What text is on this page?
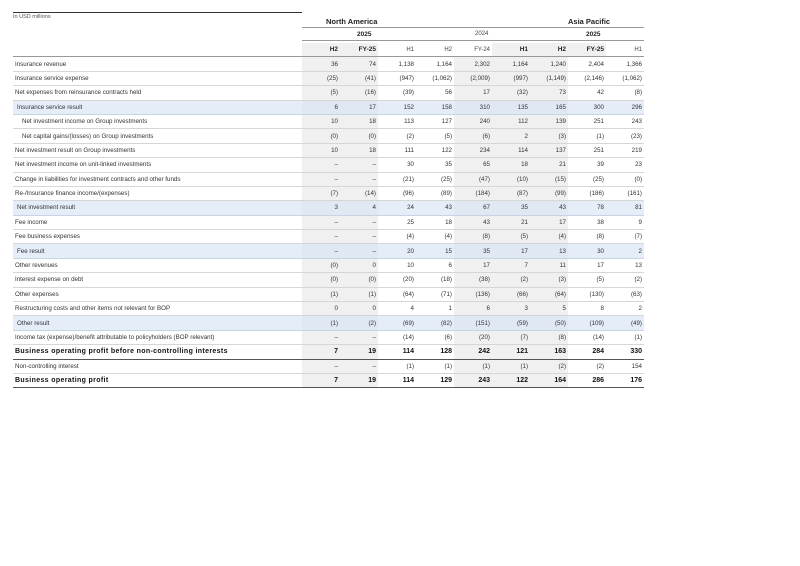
In USD millions	North America	Asia Pacific
2025	2025
	H2	FY-25	H1	H2	FY-24	H1	H2	FY-25	H1
Insurance revenue	36	74	1,138	1,164	2,302	1,164	1,240	2,404	1,366
Insurance service expense	(25)	(41)	(947)	(1,062)	(2,009)	(997)	(1,149)	(2,146)	(1,062)
Net expenses from reinsurance contracts held	(5)	(16)	(39)	56	17	(32)	73	42	(8)
Insurance service result	6	17	152	158	310	135	165	300	296
Net investment income on Group investments	10	18	113	127	240	112	139	251	243
Net capital gains/(losses) on Group investments	(0)	(0)	(2)	(5)	(6)	2	(3)	(1)	(23)
Net investment result on Group investments	10	18	111	122	234	114	137	251	219
Net investment income on unit-linked investments	–	–	30	35	65	18	21	39	23
Change in liabilities for investment contracts and other funds	–	–	(21)	(25)	(47)	(10)	(15)	(25)	(0)
Re-/Insurance finance income/(expenses)	(7)	(14)	(96)	(89)	(184)	(87)	(99)	(186)	(161)
Net investment result	3	4	24	43	67	35	43	78	81
Fee income	–	–	25	18	43	21	17	38	9
Fee business expenses	–	–	(4)	(4)	(8)	(5)	(4)	(8)	(7)
Fee result	–	–	20	15	35	17	13	30	2
Other revenues	(0)	0	10	6	17	7	11	17	13
Interest expense on debt	(0)	(0)	(20)	(18)	(38)	(2)	(3)	(5)	(2)
Other expenses	(1)	(1)	(64)	(71)	(136)	(66)	(64)	(130)	(63)
Restructuring costs and other items not relevant for BOP	0	0	4	1	6	3	5	8	2
Other result	(1)	(2)	(69)	(82)	(151)	(59)	(50)	(109)	(49)
Income tax (expense)/benefit attributable to policyholders (BOP relevant)	–	–	(14)	(6)	(20)	(7)	(8)	(14)	(1)
Business operating profit before non-controlling interests	7	19	114	128	242	121	163	284	330
Non-controlling interest	–	–	(1)	(1)	(1)	(1)	(2)	(2)	154
Business operating profit	7	19	114	129	243	122	164	286	176
2024
